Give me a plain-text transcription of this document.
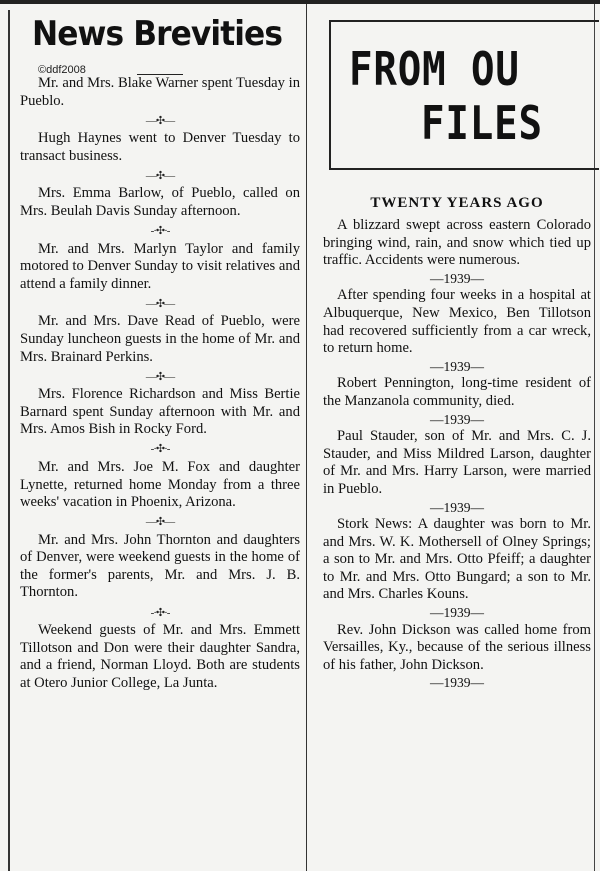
News Brevities
©ddf2008

Mr. and Mrs. Blake Warner spent Tuesday in Pueblo.

—✣—

Hugh Haynes went to Denver Tuesday to transact business.

—✣—

Mrs. Emma Barlow, of Pueblo, called on Mrs. Beulah Davis Sunday afternoon.

-·✣·-

Mr. and Mrs. Marlyn Taylor and family motored to Denver Sunday to visit relatives and attend a family dinner.

—✣—

Mr. and Mrs. Dave Read of Pueblo, were Sunday luncheon guests in the home of Mr. and Mrs. Brainard Perkins.

—✣—

Mrs. Florence Richardson and Miss Bertie Barnard spent Sunday afternoon with Mr. and Mrs. Amos Bish in Rocky Ford.

-·✣·-

Mr. and Mrs. Joe M. Fox and daughter Lynette, returned home Monday from a three weeks' vacation in Phoenix, Arizona.

—✣—

Mr. and Mrs. John Thornton and daughters of Denver, were weekend guests in the home of the former's parents, Mr. and Mrs. J. B. Thornton.

-·✣·-

Weekend guests of Mr. and Mrs. Emmett Tillotson and Don were their daughter Sandra, and a friend, Norman Lloyd. Both are students at Otero Junior College, La Junta.

FROM OU
FILES
TWENTY YEARS AGO

A blizzard swept across eastern Colorado bringing wind, rain, and snow which tied up traffic. Accidents were numerous.

—1939—

After spending four weeks in a hospital at Albuquerque, New Mexico, Ben Tillotson had recovered sufficiently from a car wreck, to return home.

—1939—

Robert Pennington, long-time resident of the Manzanola community, died.

—1939—

Paul Stauder, son of Mr. and Mrs. C. J. Stauder, and Miss Mildred Larson, daughter of Mr. and Mrs. Harry Larson, were married in Pueblo.

—1939—

Stork News: A daughter was born to Mr. and Mrs. W. K. Mothersell of Olney Springs; a son to Mr. and Mrs. Otto Pfeiff; a daughter to Mr. and Mrs. Otto Bungard; a son to Mr. and Mrs. Charles Kouns.

—1939—

Rev. John Dickson was called home from Versailles, Ky., because of the serious illness of his father, John Dickson.

—1939—
